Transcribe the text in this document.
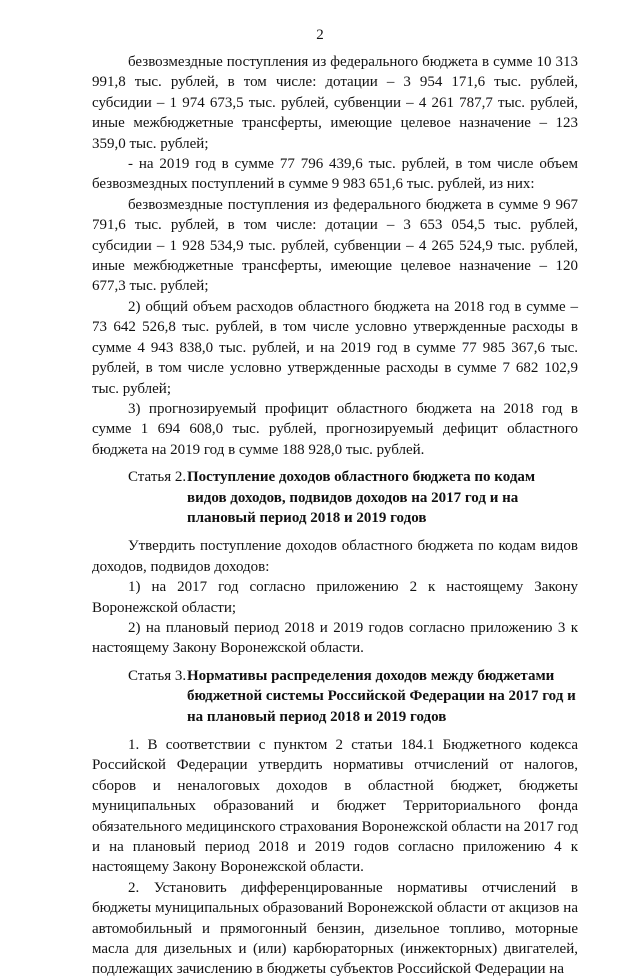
2

безвозмездные поступления из федерального бюджета в сумме 10 313 991,8 тыс. рублей, в том числе: дотации – 3 954 171,6 тыс. рублей, субсидии – 1 974 673,5 тыс. рублей, субвенции – 4 261 787,7 тыс. рублей, иные межбюджетные трансферты, имеющие целевое назначение – 123 359,0 тыс. рублей;

- на 2019 год в сумме 77 796 439,6 тыс. рублей, в том числе объем безвозмездных поступлений в сумме 9 983 651,6 тыс. рублей, из них:

безвозмездные поступления из федерального бюджета в сумме 9 967 791,6 тыс. рублей, в том числе: дотации – 3 653 054,5 тыс. рублей, субсидии – 1 928 534,9 тыс. рублей, субвенции – 4 265 524,9 тыс. рублей, иные межбюджетные трансферты, имеющие целевое назначение – 120 677,3 тыс. рублей;

2) общий объем расходов областного бюджета на 2018 год в сумме – 73 642 526,8 тыс. рублей, в том числе условно утвержденные расходы в сумме 4 943 838,0 тыс. рублей, и на 2019 год в сумме 77 985 367,6 тыс. рублей, в том числе условно утвержденные расходы в сумме 7 682 102,9 тыс. рублей;

3) прогнозируемый профицит областного бюджета на 2018 год в сумме 1 694 608,0 тыс. рублей, прогнозируемый дефицит областного бюджета на 2019 год в сумме 188 928,0 тыс. рублей.

Статья 2. Поступление доходов областного бюджета по кодам видов доходов, подвидов доходов на 2017 год и на плановый период 2018 и 2019 годов

Утвердить поступление доходов областного бюджета по кодам видов доходов, подвидов доходов:

1) на 2017 год согласно приложению 2 к настоящему Закону Воронежской области;

2) на плановый период 2018 и 2019 годов согласно приложению 3 к настоящему Закону Воронежской области.

Статья 3. Нормативы распределения доходов между бюджетами бюджетной системы Российской Федерации на 2017 год и на плановый период 2018 и 2019 годов

1. В соответствии с пунктом 2 статьи 184.1 Бюджетного кодекса Российской Федерации утвердить нормативы отчислений от налогов, сборов и неналоговых доходов в областной бюджет, бюджеты муниципальных образований и бюджет Территориального фонда обязательного медицинского страхования Воронежской области на 2017 год и на плановый период 2018 и 2019 годов согласно приложению 4 к настоящему Закону Воронежской области.

2. Установить дифференцированные нормативы отчислений в бюджеты муниципальных образований Воронежской области от акцизов на автомобильный и прямогонный бензин, дизельное топливо, моторные масла для дизельных и (или) карбюраторных (инжекторных) двигателей, подлежащих зачислению в бюджеты субъектов Российской Федерации на
